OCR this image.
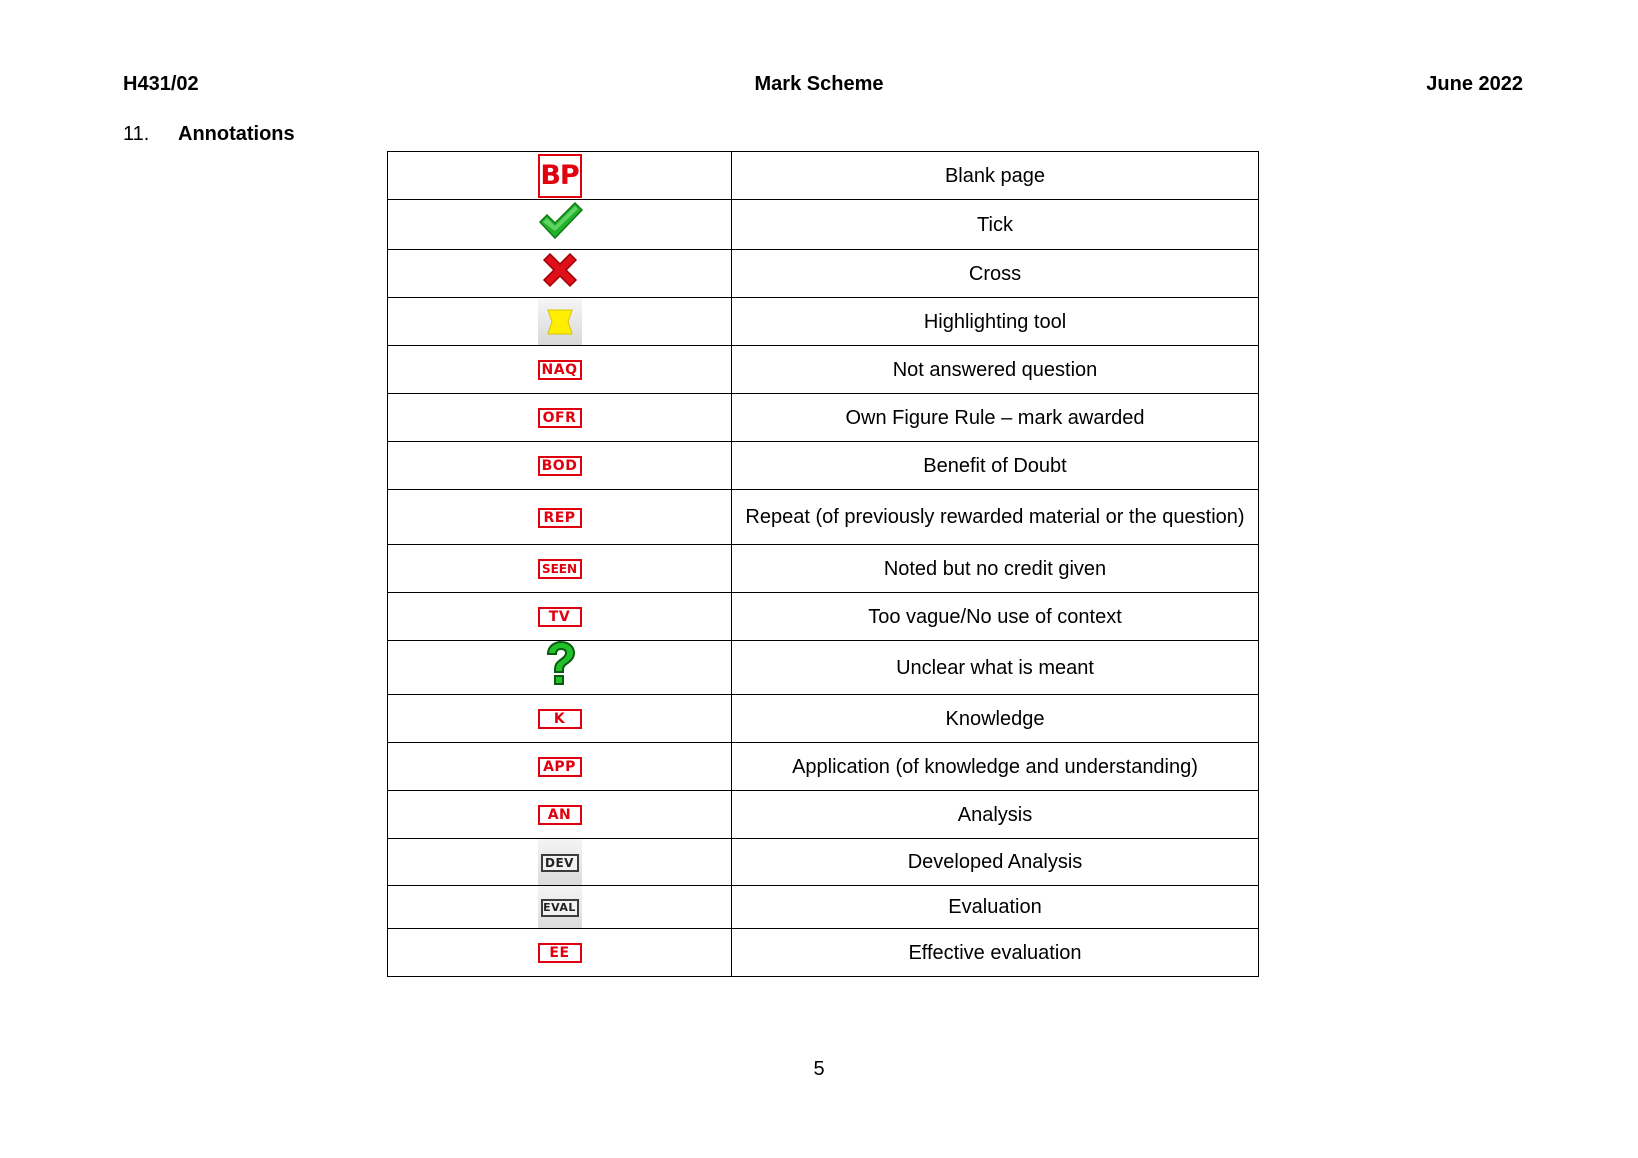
H431/02	Mark Scheme	June 2022
11. Annotations
BP	Blank page
	Tick
	Cross

	Highlighting tool
NAQ	Not answered question
OFR	Own Figure Rule – mark awarded
BOD	Benefit of Doubt
REP	Repeat (of previously rewarded material or the question)
SEEN	Noted but no credit given
TV	Too vague/No use of context
	Unclear what is meant
K	Knowledge
APP	Application (of knowledge and understanding)
AN	Analysis
DEV	Developed Analysis
EVAL	Evaluation
EE	Effective evaluation
5
